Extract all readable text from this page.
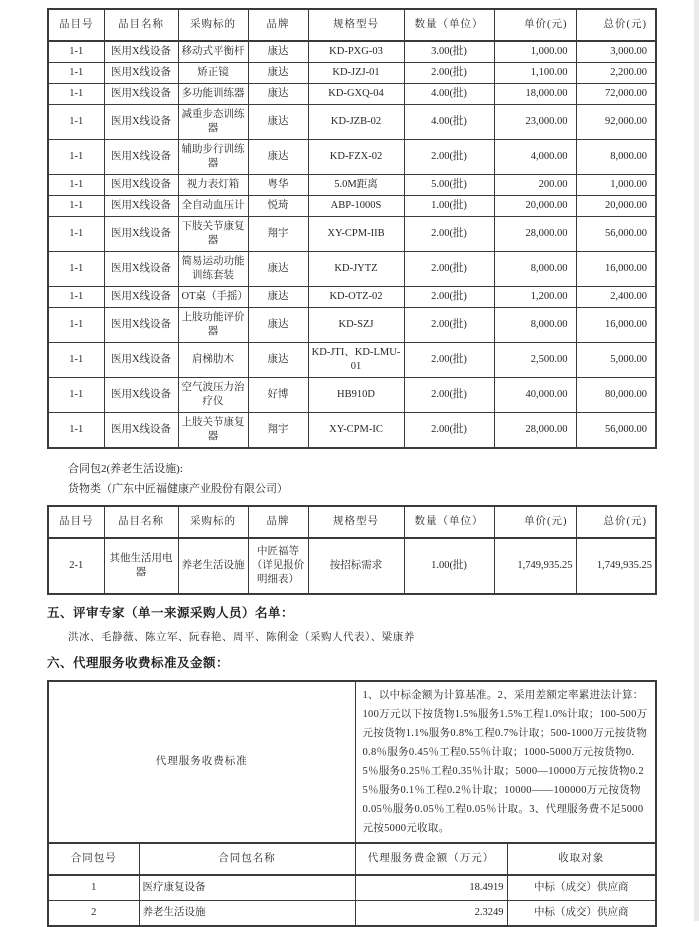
品目号	品目名称	采购标的	品牌	规格型号	数量（单位）	单价(元)	总价(元)
1-1	医用X线设备	移动式平衡杆	康达	KD-PXG-03	3.00(批)	1,000.00	3,000.00
1-1	医用X线设备	矫正镜	康达	KD-JZJ-01	2.00(批)	1,100.00	2,200.00
1-1	医用X线设备	多功能训练器	康达	KD-GXQ-04	4.00(批)	18,000.00	72,000.00
1-1	医用X线设备	减重步态训练器	康达	KD-JZB-02	4.00(批)	23,000.00	92,000.00
1-1	医用X线设备	辅助步行训练器	康达	KD-FZX-02	2.00(批)	4,000.00	8,000.00
1-1	医用X线设备	视力表灯箱	粤华	5.0M距离	5.00(批)	200.00	1,000.00
1-1	医用X线设备	全自动血压计	悦琦	ABP-1000S	1.00(批)	20,000.00	20,000.00
1-1	医用X线设备	下肢关节康复器	翔宇	XY-CPM-IIB	2.00(批)	28,000.00	56,000.00
1-1	医用X线设备	简易运动功能训练套装	康达	KD-JYTZ	2.00(批)	8,000.00	16,000.00
1-1	医用X线设备	OT桌（手摇）	康达	KD-OTZ-02	2.00(批)	1,200.00	2,400.00
1-1	医用X线设备	上肢功能评价器	康达	KD-SZJ	2.00(批)	8,000.00	16,000.00
1-1	医用X线设备	肩梯肋木	康达	KD-JTI、KD-LMU-01	2.00(批)	2,500.00	5,000.00
1-1	医用X线设备	空气波压力治疗仪	好博	HB910D	2.00(批)	40,000.00	80,000.00
1-1	医用X线设备	上肢关节康复器	翔宇	XY-CPM-IC	2.00(批)	28,000.00	56,000.00

合同包2(养老生活设施):

货物类（广东中匠福健康产业股份有限公司）

品目号	品目名称	采购标的	品牌	规格型号	数量（单位）	单价(元)	总价(元)
2-1	其他生活用电器	养老生活设施	中匠福等（详见报价明细表）	按招标需求	1.00(批)	1,749,935.25	1,749,935.25
五、评审专家（单一来源采购人员）名单：

洪冰、毛静薇、陈立军、阮春艳、周平、陈俐金（采购人代表）、梁康养

六、代理服务收费标准及金额：
代理服务收费标准		1、以中标金额为计算基准。2、采用差额定率累进法计算：100万元以下按货物1.5%服务1.5%工程1.0%计取；100-500万元按货物1.1%服务0.8%工程0.7%计取；500-1000万元按货物0.8％服务0.45％工程0.55％计取；1000-5000万元按货物0.5％服务0.25％工程0.35％计取；5000—10000万元按货物0.25％服务0.1％工程0.2％计取；10000——100000万元按货物0.05％服务0.05％工程0.05％计取。3、代理服务费不足5000元按5000元收取。	
合同包号	合同包名称	代理服务费金额（万元）	收取对象
1	医疗康复设备	18.4919	中标（成交）供应商
2	养老生活设施	2.3249	中标（成交）供应商
